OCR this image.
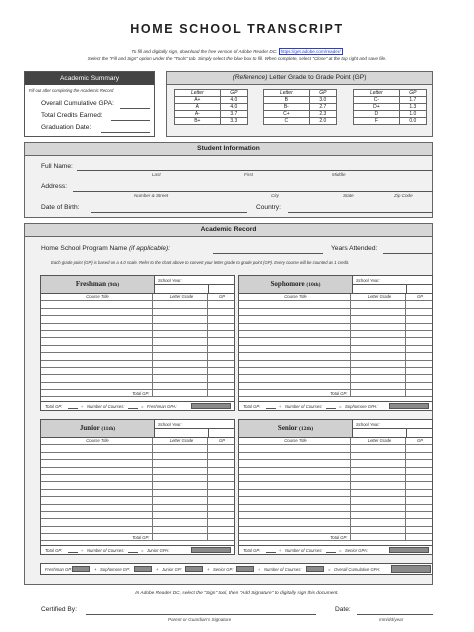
HOME SCHOOL TRANSCRIPT
To fill and digitally sign, download the free version of Adobe Reader DC: https://get.adobe.com/reader/
Select the "Fill and Sign" option under the "Tools" tab. Simply select the blue box to fill. When complete, select "Close" at the top right and save file.
Academic Summary
Fill out after completing the Academic Record
Overall Cumulative GPA:
Total Credits Earned:
Graduation Date:
(Reference) Letter Grade to Grade Point (GP)
Letter	GP
A+	4.0
A	4.0
A-	3.7
B+	3.3
Letter	GP
B	3.0
B-	2.7
C+	2.3
C	2.0
Letter	GP
C-	1.7
D+	1.3
D	1.0
F	0.0
Student Information
Full Name:
Last	First	Middle
Address:
Number & Street	City	State	Zip Code
Date of Birth:	Country:
Academic Record
Home School Program Name (if applicable):	Years Attended:
Each grade point (GP) is based on a 4.0 scale. Refer to the chart above to convert your letter grade to grade point (GP). Every course will be counted as 1 credit.
Freshman (9th)
School Year:
Letter Grade	GP
Course Title
Total GP:
Total GP:	÷ Number of Courses:	= Freshman GPA:
Sophomore (10th)
School Year:
Letter Grade	GP
Course Title
Total GP:
Total GP:	÷ Number of Courses:	= Sophomore GPA:
Junior (11th)
School Year:
Letter Grade	GP
Course Title
Total GP:
Total GP:	÷ Number of Courses:	= Junior GPA:
Senior (12th)
School Year:
Letter Grade	GP
Course Title
Total GP:
Total GP:	÷ Number of Courses:	= Senior GPA:
Freshman GP:	+ Sophomore GP:	+ Junior GP:	+ Senior GP:	÷ Number of Courses:	= Overall Cumulative GPA:
In Adobe Reader DC, select the "Sign" tool, then "Add Signature" to digitally sign this document.
Certified By:
Parent or Guardian's Signature
Date:
mm/dd/year
